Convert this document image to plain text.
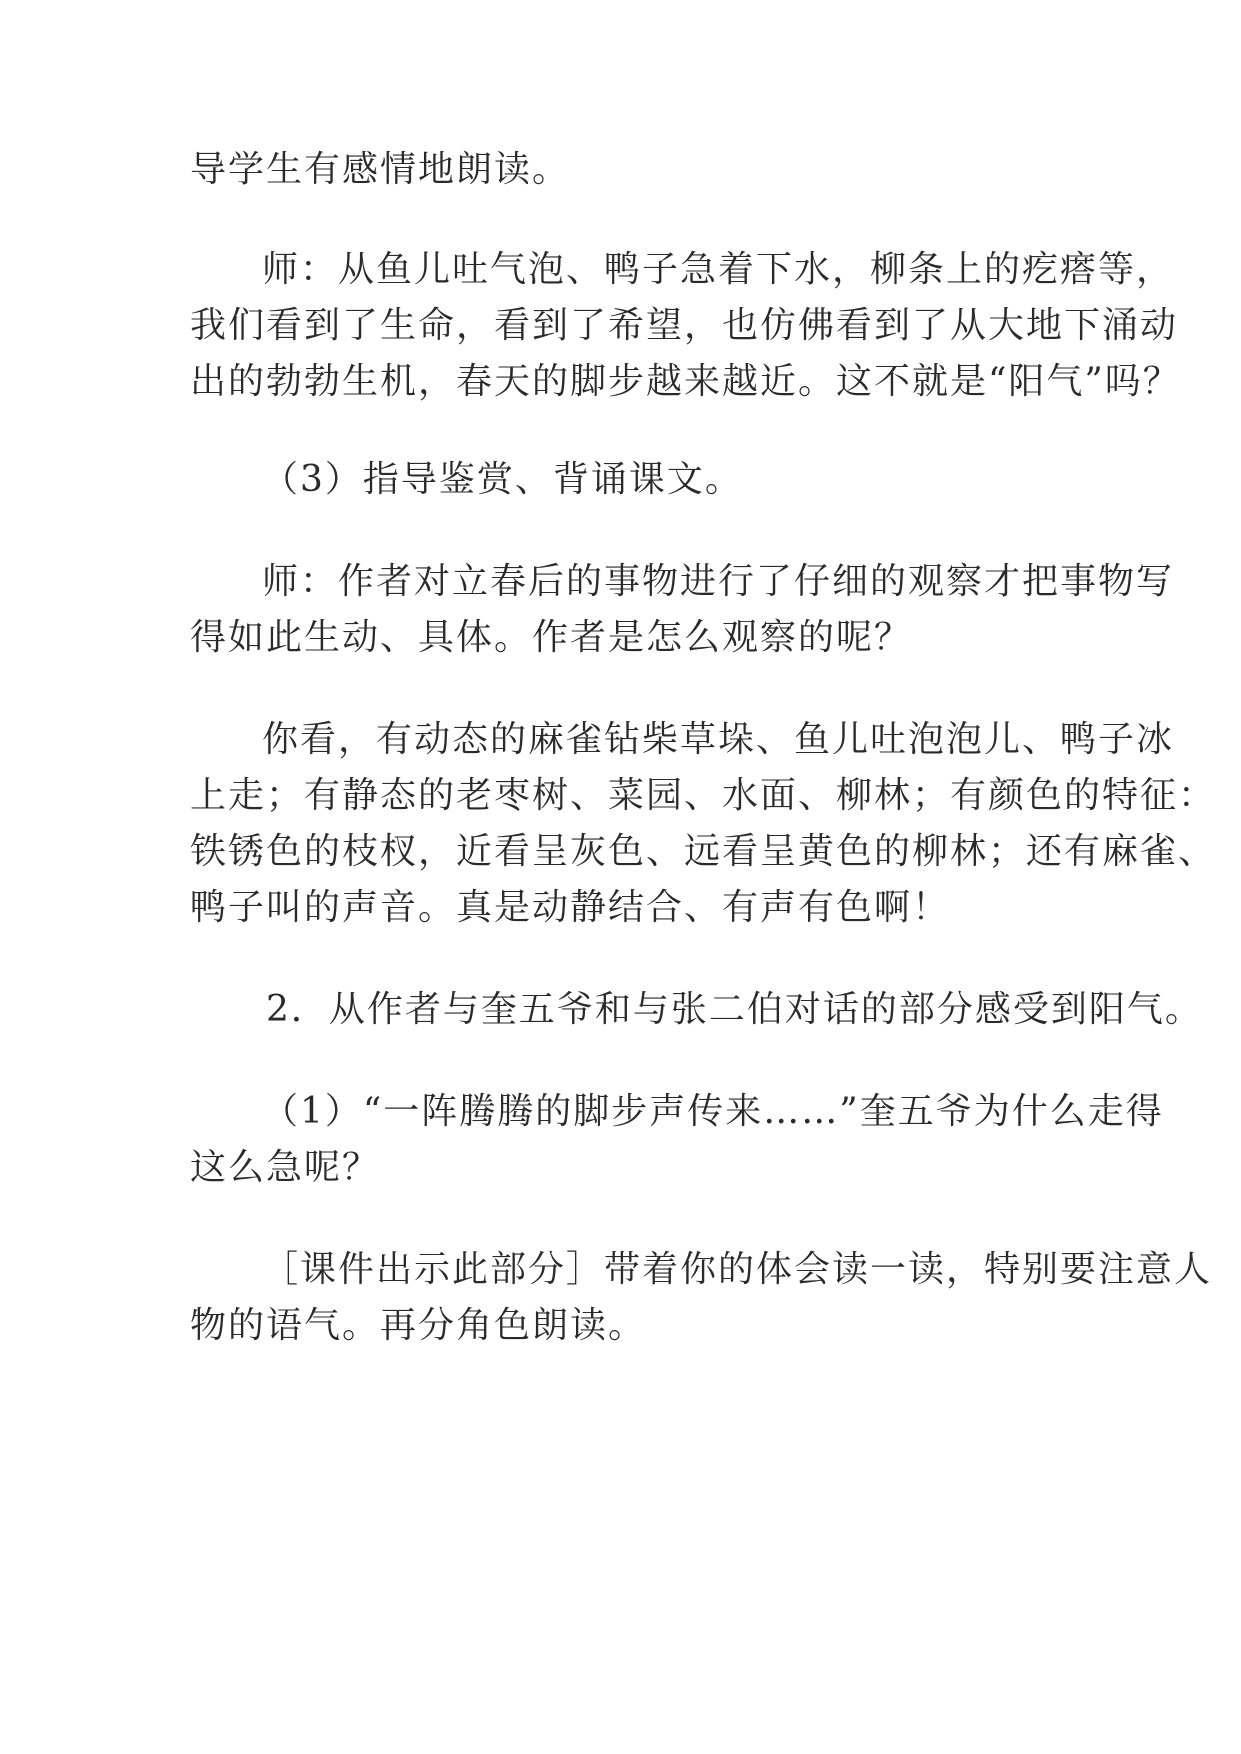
导学生有感情地朗读。
师：从鱼儿吐气泡、鸭子急着下水，柳条上的疙瘩等，
我们看到了生命，看到了希望，也仿佛看到了从大地下涌动
出的勃勃生机，春天的脚步越来越近。这不就是“阳气”吗？
（3）指导鉴赏、背诵课文。
师：作者对立春后的事物进行了仔细的观察才把事物写
得如此生动、具体。作者是怎么观察的呢？
你看，有动态的麻雀钻柴草垛、鱼儿吐泡泡儿、鸭子冰
上走；有静态的老枣树、菜园、水面、柳林；有颜色的特征：
铁锈色的枝杈，近看呈灰色、远看呈黄色的柳林；还有麻雀、
鸭子叫的声音。真是动静结合、有声有色啊！
2．从作者与奎五爷和与张二伯对话的部分感受到阳气。
（1）“一阵腾腾的脚步声传来……”奎五爷为什么走得
这么急呢？
［课件出示此部分］带着你的体会读一读，特别要注意人
物的语气。再分角色朗读。
